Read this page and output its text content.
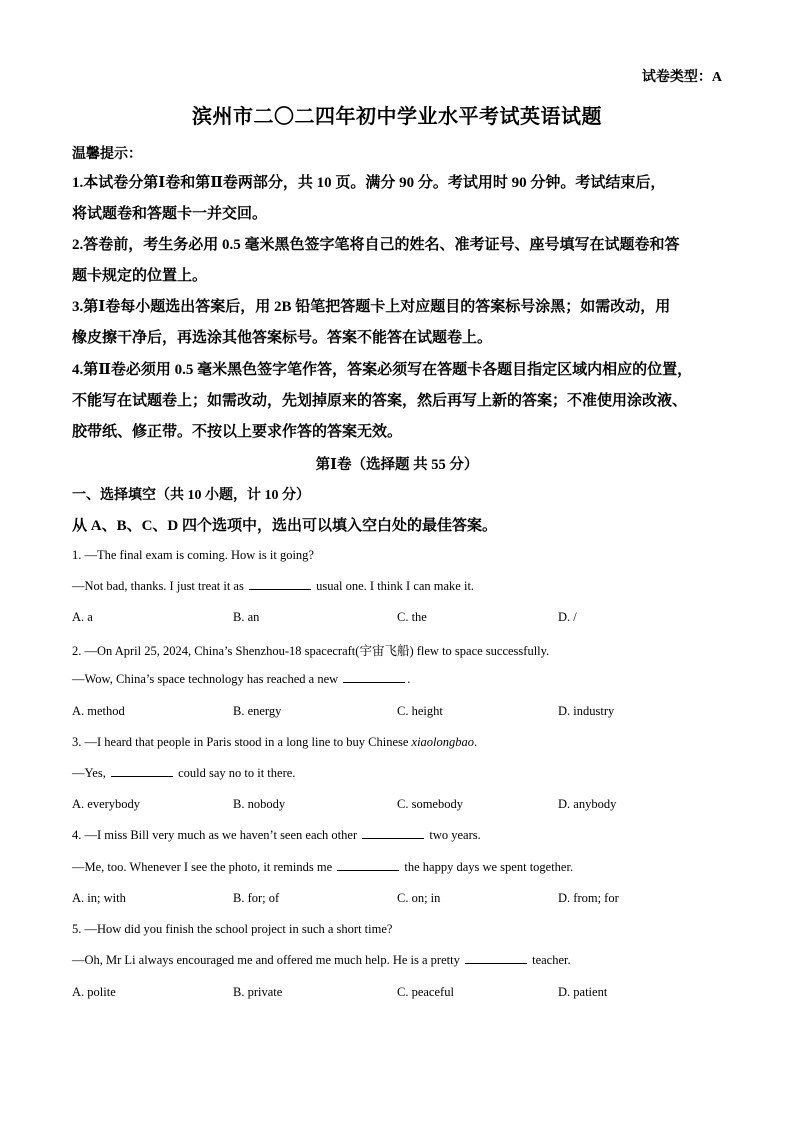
试卷类型：A
滨州市二〇二四年初中学业水平考试英语试题
温馨提示：
1.本试卷分第Ⅰ卷和第Ⅱ卷两部分，共 10 页。满分 90 分。考试用时 90 分钟。考试结束后，
将试题卷和答题卡一并交回。
2.答卷前，考生务必用 0.5 毫米黑色签字笔将自己的姓名、准考证号、座号填写在试题卷和答
题卡规定的位置上。
3.第Ⅰ卷每小题选出答案后，用 2B 铅笔把答题卡上对应题目的答案标号涂黑；如需改动，用
橡皮擦干净后，再选涂其他答案标号。答案不能答在试题卷上。
4.第Ⅱ卷必须用 0.5 毫米黑色签字笔作答，答案必须写在答题卡各题目指定区域内相应的位置，
不能写在试题卷上；如需改动，先划掉原来的答案，然后再写上新的答案；不准使用涂改液、
胶带纸、修正带。不按以上要求作答的答案无效。
第Ⅰ卷（选择题 共 55 分）
一、选择填空（共 10 小题，计 10 分）
从 A、B、C、D 四个选项中，选出可以填入空白处的最佳答案。
1. —The final exam is coming. How is it going?
—Not bad, thanks. I just treat it as	usual one. I think I can make it.
A. a	B. an	C. the	D. /
2. —On April 25, 2024, China’s Shenzhou-18 spacecraft(宇宙飞船) flew to space successfully.
—Wow, China’s space technology has reached a new	.
A. method	B. energy	C. height	D. industry
3. —I heard that people in Paris stood in a long line to buy Chinese xiaolongbao.
—Yes,	could say no to it there.
A. everybody	B. nobody	C. somebody	D. anybody
4. —I miss Bill very much as we haven’t seen each other	two years.
—Me, too. Whenever I see the photo, it reminds me	the happy days we spent together.
A. in; with	B. for; of	C. on; in	D. from; for
5. —How did you finish the school project in such a short time?
—Oh, Mr Li always encouraged me and offered me much help. He is a pretty	teacher.
A. polite	B. private	C. peaceful	D. patient
